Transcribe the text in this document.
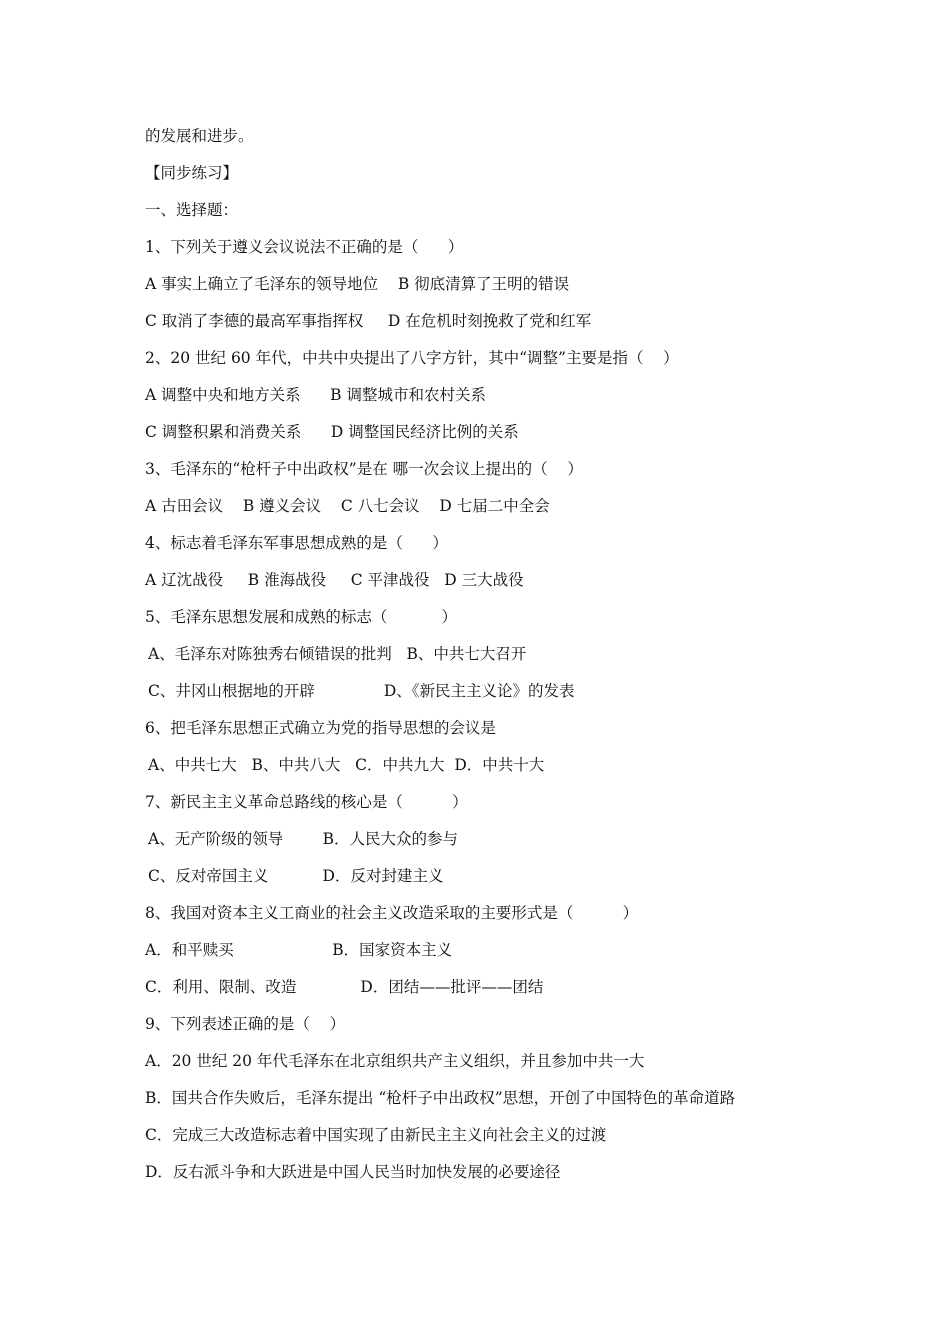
的发展和进步。
【同步练习】
一、选择题：
1、下列关于遵义会议说法不正确的是（      ）
A 事实上确立了毛泽东的领导地位    B 彻底清算了王明的错误
C 取消了李德的最高军事指挥权     D 在危机时刻挽救了党和红军
2、20 世纪 60 年代，中共中央提出了八字方针，其中“调整”主要是指（    ）
A 调整中央和地方关系      B 调整城市和农村关系
C 调整积累和消费关系      D 调整国民经济比例的关系
3、毛泽东的“枪杆子中出政权”是在 哪一次会议上提出的（    ）
A 古田会议    B 遵义会议    C 八七会议    D 七届二中全会
4、标志着毛泽东军事思想成熟的是（      ）
A 辽沈战役     B 淮海战役     C 平津战役   D 三大战役
5、毛泽东思想发展和成熟的标志（           ）
A、毛泽东对陈独秀右倾错误的批判   B、中共七大召开
C、井冈山根据地的开辟              D、《新民主主义论》的发表
6、把毛泽东思想正式确立为党的指导思想的会议是
A、中共七大   B、中共八大   C．中共九大  D．中共十大
7、新民主主义革命总路线的核心是（          ）
A、无产阶级的领导        B．人民大众的参与
C、反对帝国主义           D．反对封建主义
8、我国对资本主义工商业的社会主义改造采取的主要形式是（          ）
A．和平赎买                    B．国家资本主义
C．利用、限制、改造             D．团结——批评——团结
9、下列表述正确的是（    ）
A．20 世纪 20 年代毛泽东在北京组织共产主义组织，并且参加中共一大
B．国共合作失败后，毛泽东提出 “枪杆子中出政权”思想，开创了中国特色的革命道路
C．完成三大改造标志着中国实现了由新民主主义向社会主义的过渡
D．反右派斗争和大跃进是中国人民当时加快发展的必要途径
